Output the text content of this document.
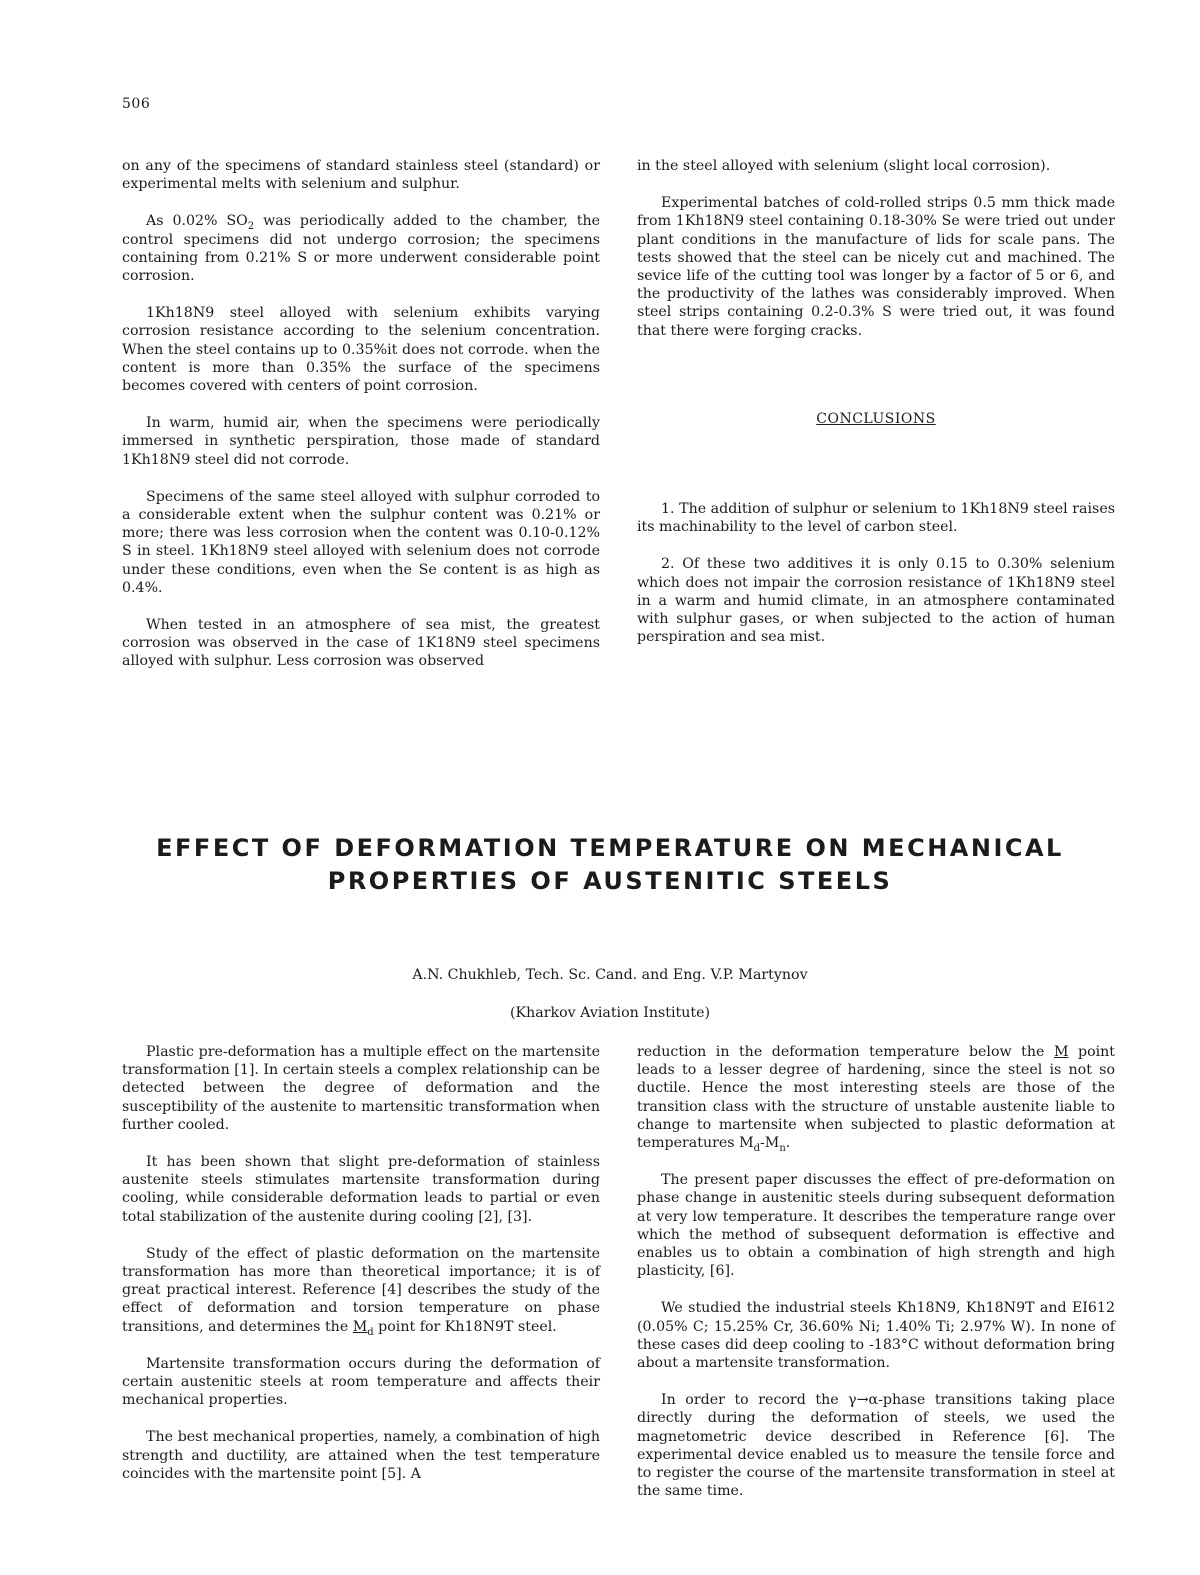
506

on any of the specimens of standard stainless steel (standard) or experimental melts with selenium and sulphur.

As 0.02% $SO_2$ was periodically added to the chamber, the control specimens did not undergo corrosion; the specimens containing from 0.21% S or more underwent considerable point corrosion.

1Kh18N9 steel alloyed with selenium exhibits varying corrosion resistance according to the selenium concentration. When the steel contains up to 0.35%it does not corrode. when the content is more than 0.35% the surface of the specimens becomes covered with centers of point corrosion.

In warm, humid air, when the specimens were periodically immersed in synthetic perspiration, those made of standard 1Kh18N9 steel did not corrode.

Specimens of the same steel alloyed with sulphur corroded to a considerable extent when the sulphur content was 0.21% or more; there was less corrosion when the content was 0.10-0.12% S in steel. 1Kh18N9 steel alloyed with selenium does not corrode under these conditions, even when the Se content is as high as 0.4%.

When tested in an atmosphere of sea mist, the greatest corrosion was observed in the case of 1K18N9 steel specimens alloyed with sulphur. Less corrosion was observed

in the steel alloyed with selenium (slight local corrosion).

Experimental batches of cold-rolled strips 0.5 mm thick made from 1Kh18N9 steel containing 0.18-30% Se were tried out under plant conditions in the manufacture of lids for scale pans. The tests showed that the steel can be nicely cut and machined. The sevice life of the cutting tool was longer by a factor of 5 or 6, and the productivity of the lathes was considerably improved. When steel strips containing 0.2-0.3% S were tried out, it was found that there were forging cracks.

CONCLUSIONS

1. The addition of sulphur or selenium to 1Kh18N9 steel raises its machinability to the level of carbon steel.

2. Of these two additives it is only 0.15 to 0.30% selenium which does not impair the corrosion resistance of 1Kh18N9 steel in a warm and humid climate, in an atmosphere contaminated with sulphur gases, or when subjected to the action of human perspiration and sea mist.

EFFECT OF DEFORMATION TEMPERATURE ON MECHANICAL
PROPERTIES OF AUSTENITIC STEELS
A.N. Chukhleb, Tech. Sc. Cand. and Eng. V.P. Martynov
(Kharkov Aviation Institute)

Plastic pre-deformation has a multiple effect on the martensite transformation [1]. In certain steels a complex relationship can be detected between the degree of deformation and the susceptibility of the austenite to martensitic transformation when further cooled.

It has been shown that slight pre-deformation of stainless austenite steels stimulates martensite transformation during cooling, while considerable deformation leads to partial or even total stabilization of the austenite during cooling [2], [3].

Study of the effect of plastic deformation on the martensite transformation has more than theoretical importance; it is of great practical interest. Reference [4] describes the study of the effect of deformation and torsion temperature on phase transitions, and determines the $M_d$ point for Kh18N9T steel.

Martensite transformation occurs during the deformation of certain austenitic steels at room temperature and affects their mechanical properties.

The best mechanical properties, namely, a combination of high strength and ductility, are attained when the test temperature coincides with the martensite point [5]. A

reduction in the deformation temperature below the M point leads to a lesser degree of hardening, since the steel is not so ductile. Hence the most interesting steels are those of the transition class with the structure of unstable austenite liable to change to martensite when subjected to plastic deformation at temperatures $M_d-M_n$.

The present paper discusses the effect of pre-deformation on phase change in austenitic steels during subsequent deformation at very low temperature. It describes the temperature range over which the method of subsequent deformation is effective and enables us to obtain a combination of high strength and high plasticity, [6].

We studied the industrial steels Kh18N9, Kh18N9T and EI612 (0.05% C; 15.25% Cr, 36.60% Ni; 1.40% Ti; 2.97% W). In none of these cases did deep cooling to -183°C without deformation bring about a martensite transformation.

In order to record the γ→α-phase transitions taking place directly during the deformation of steels, we used the magnetometric device described in Reference [6]. The experimental device enabled us to measure the tensile force and to register the course of the martensite transformation in steel at the same time.
